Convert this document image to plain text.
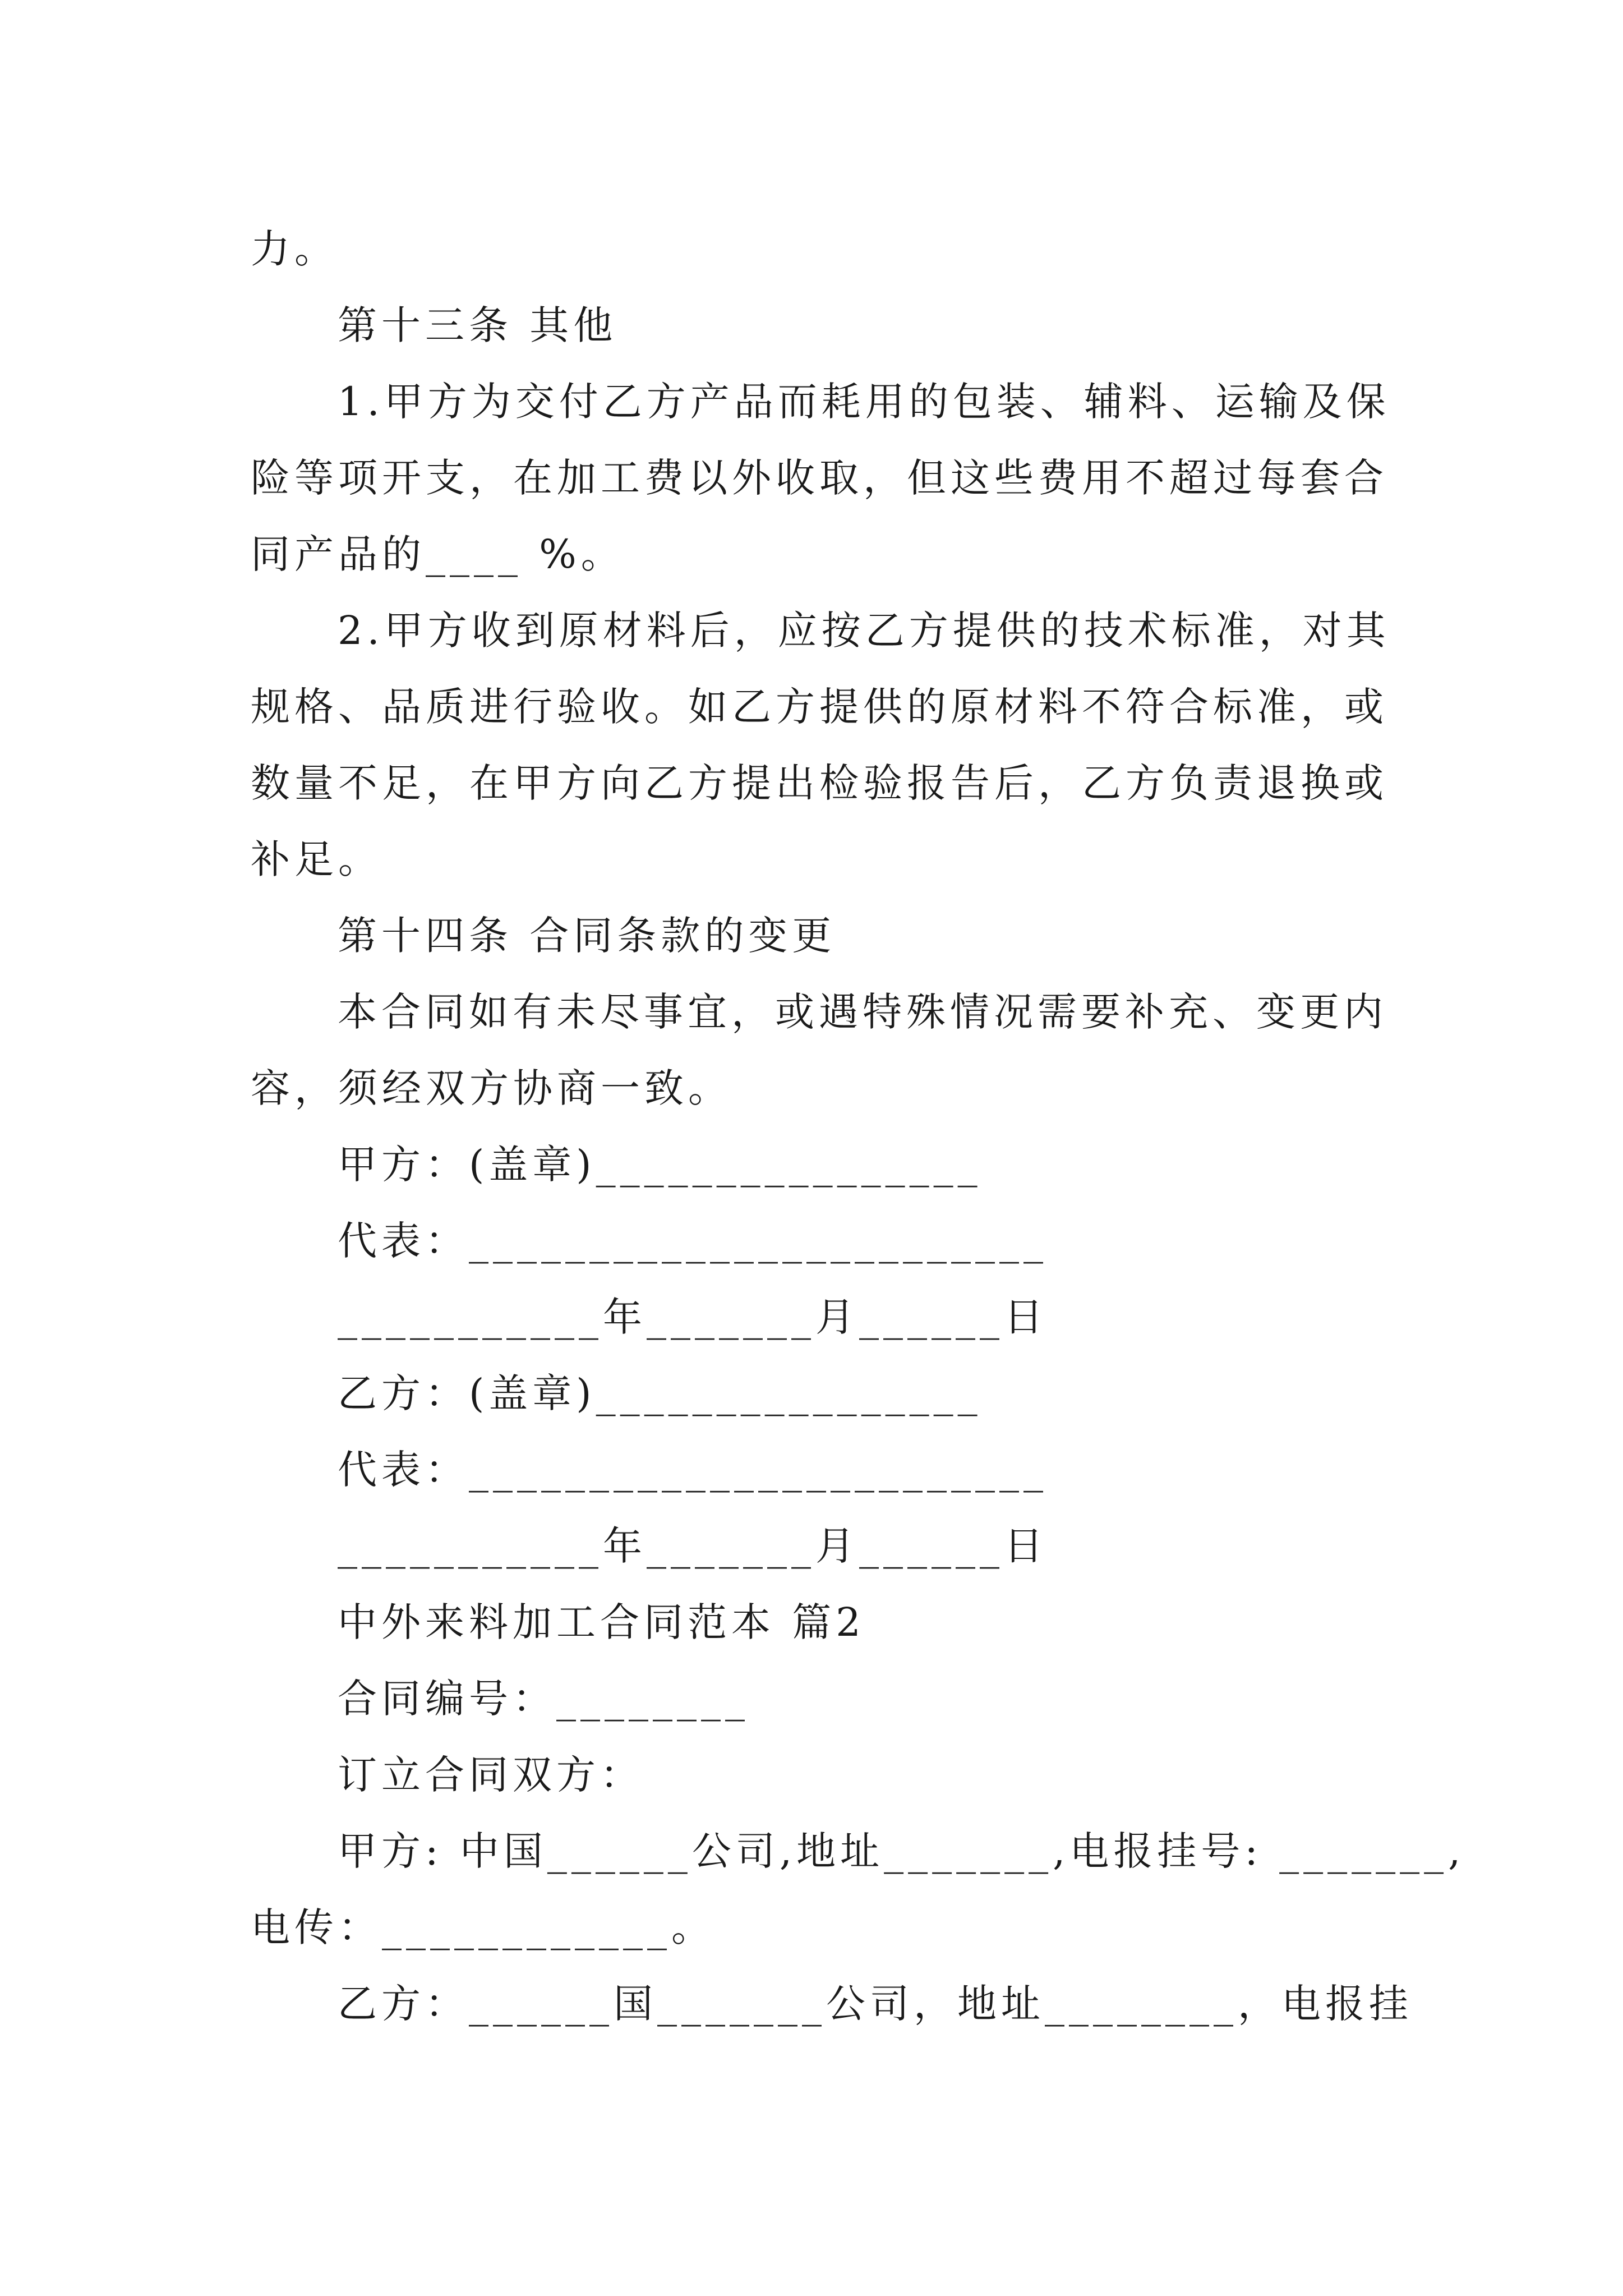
力。
第十三条 其他
1.甲方为交付乙方产品而耗用的包装、辅料、运输及保
险等项开支，在加工费以外收取，但这些费用不超过每套合
同产品的____ %。
2.甲方收到原材料后，应按乙方提供的技术标准，对其
规格、品质进行验收。如乙方提供的原材料不符合标准，或
数量不足，在甲方向乙方提出检验报告后，乙方负责退换或
补足。
第十四条 合同条款的变更
本合同如有未尽事宜，或遇特殊情况需要补充、变更内
容，须经双方协商一致。
甲方：(盖章)________________
代表：________________________
___________年_______月______日
乙方：(盖章)________________
代表：________________________
___________年_______月______日
中外来料加工合同范本 篇2
合同编号：________
订立合同双方：
甲方: 中国______公司,地址_______,电报挂号: _______,
电传：____________。
乙方：______国_______公司，地址________，电报挂
